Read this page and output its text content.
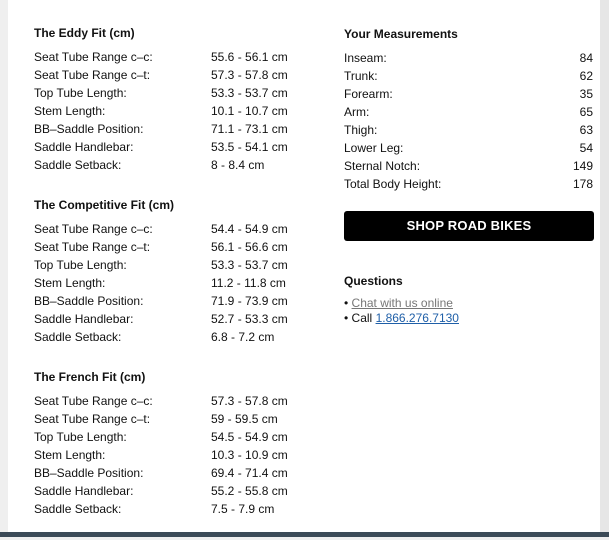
The Eddy Fit (cm)
Seat Tube Range c–c:	55.6 - 56.1 cm
Seat Tube Range c–t:	57.3 - 57.8 cm
Top Tube Length:	53.3 - 53.7 cm
Stem Length:	10.1 - 10.7 cm
BB–Saddle Position:	71.1 - 73.1 cm
Saddle Handlebar:	53.5 - 54.1 cm
Saddle Setback:	8 - 8.4 cm
The Competitive Fit (cm)
Seat Tube Range c–c:	54.4 - 54.9 cm
Seat Tube Range c–t:	56.1 - 56.6 cm
Top Tube Length:	53.3 - 53.7 cm
Stem Length:	11.2 - 11.8 cm
BB–Saddle Position:	71.9 - 73.9 cm
Saddle Handlebar:	52.7 - 53.3 cm
Saddle Setback:	6.8 - 7.2 cm
The French Fit (cm)
Seat Tube Range c–c:	57.3 - 57.8 cm
Seat Tube Range c–t:	59 - 59.5 cm
Top Tube Length:	54.5 - 54.9 cm
Stem Length:	10.3 - 10.9 cm
BB–Saddle Position:	69.4 - 71.4 cm
Saddle Handlebar:	55.2 - 55.8 cm
Saddle Setback:	7.5 - 7.9 cm
Your Measurements
Inseam:	84
Trunk:	62
Forearm:	35
Arm:	65
Thigh:	63
Lower Leg:	54
Sternal Notch:	149
Total Body Height:	178
SHOP ROAD BIKES
Questions
• Chat with us online
• Call 1.866.276.7130
